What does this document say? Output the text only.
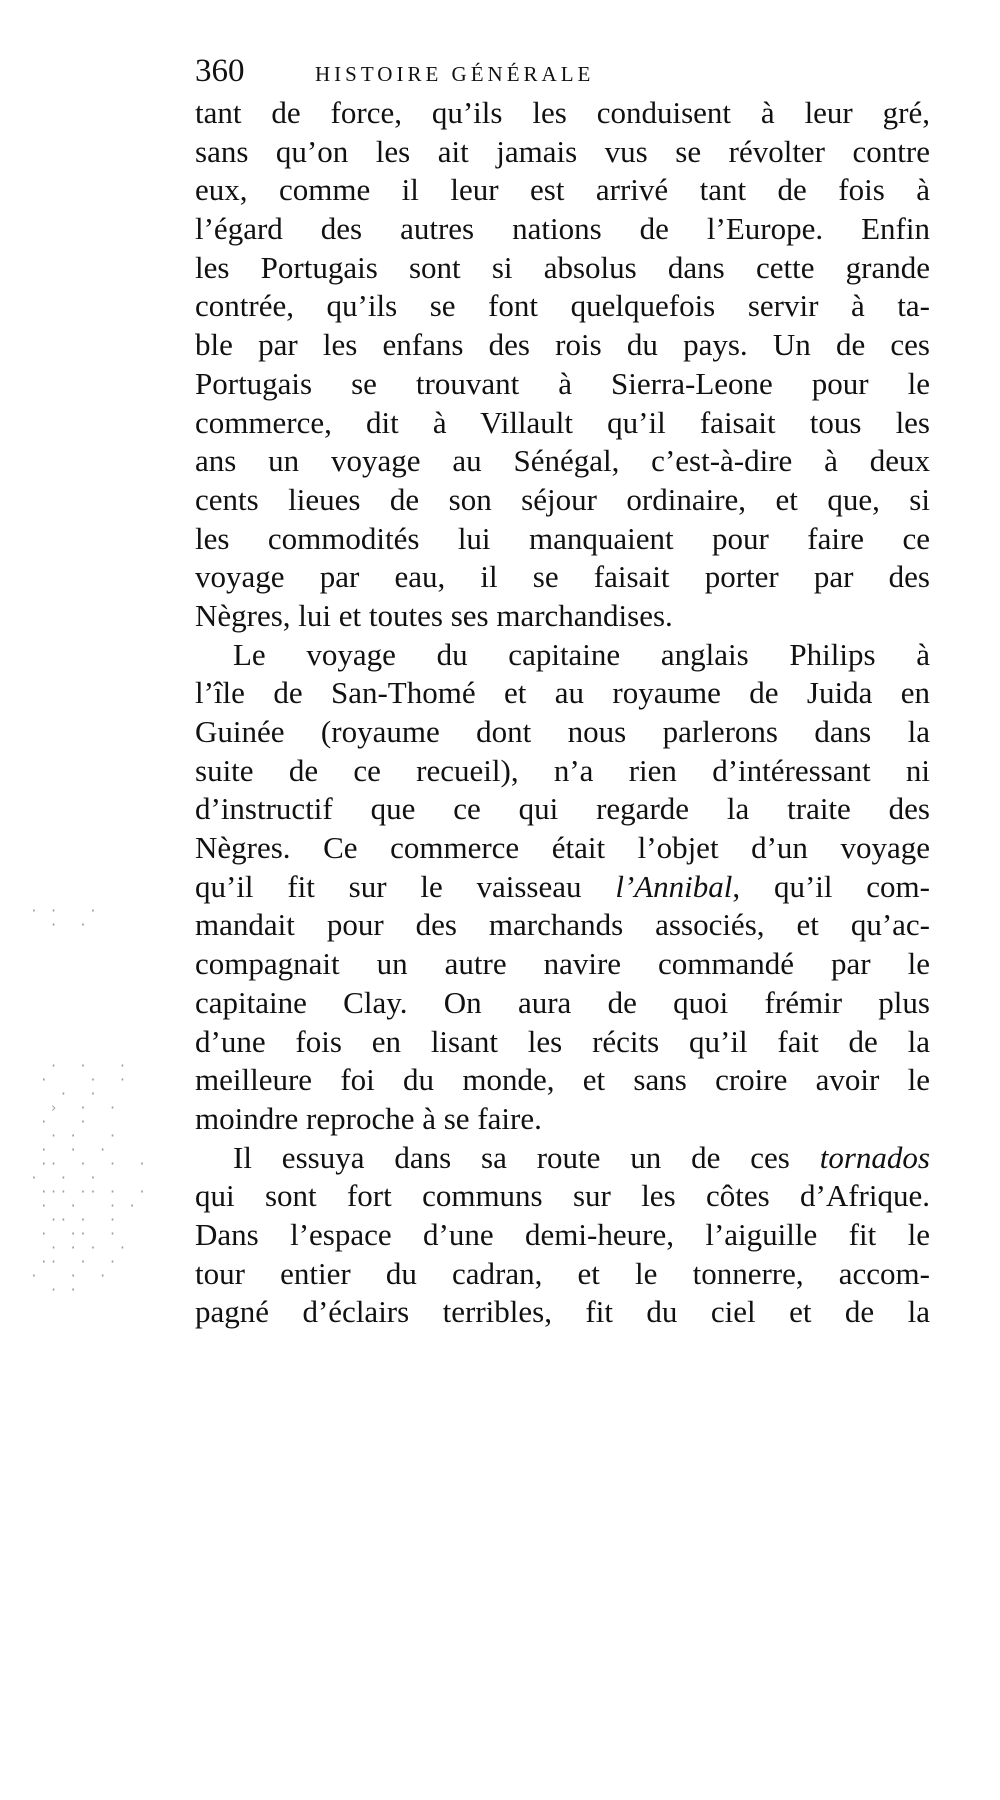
360	HISTOIRE GÉNÉRALE
tant de force, qu’ils les conduisent à leur gré,
sans qu’on les ait jamais vus se révolter contre
eux, comme il leur est arrivé tant de fois à
l’égard des autres nations de l’Europe. Enfin
les Portugais sont si absolus dans cette grande
contrée, qu’ils se font quelquefois servir à ta-
ble par les enfans des rois du pays. Un de ces
Portugais se trouvant à Sierra-Leone pour le
commerce, dit à Villault qu’il faisait tous les
ans un voyage au Sénégal, c’est-à-dire à deux
cents lieues de son séjour ordinaire, et que, si
les commodités lui manquaient pour faire ce
voyage par eau, il se faisait porter par des
Nègres, lui et toutes ses marchandises.
Le voyage du capitaine anglais Philips à
l’île de San-Thomé et au royaume de Juida en
Guinée (royaume dont nous parlerons dans la
suite de ce recueil), n’a rien d’intéressant ni
d’instructif que ce qui regarde la traite des
Nègres. Ce commerce était l’objet d’un voyage
qu’il fit sur le vaisseau l’Annibal, qu’il com-
mandait pour des marchands associés, et qu’ac-
compagnait un autre navire commandé par le
capitaine Clay. On aura de quoi frémir plus
d’une fois en lisant les récits qu’il fait de la
meilleure foi du monde, et sans croire avoir le
moindre reproche à se faire.
Il essuya dans sa route un de ces tornados
qui sont fort communs sur les côtes d’Afrique.
Dans l’espace d’une demi-heure, l’aiguille fit le
tour entier du cadran, et le tonnerre, accom-
pagné d’éclairs terribles, fit du ciel et de la
· ·   ·
·  ·
·  ·   ·
·    ·  ·
·  ·
›  ·  ·
·   ·
· ·   ·
·  ·  ·
··  ·  ·  ·
·  ·  ·
··· ·· ·  ·
·  ·   · ·
·· ·  ·
·  ··  ·
· · ·  ·
··  ·  ·
·   ·  ·
· ·
